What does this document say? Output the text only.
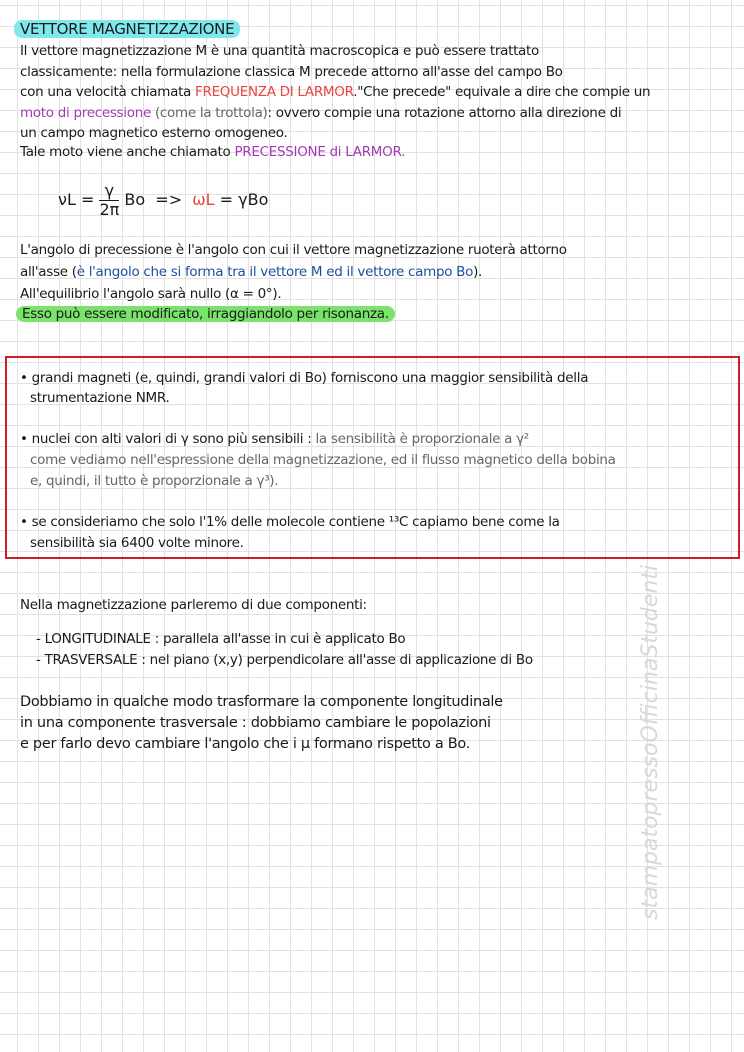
VETTORE MAGNETIZZAZIONE
Il vettore magnetizzazione M è una quantità macroscopica e può essere trattato
classicamente: nella formulazione classica M precede attorno all'asse del campo Bo
con una velocità chiamata FREQUENZA DI LARMOR."Che precede" equivale a dire che compie un
moto di precessione (come la trottola): ovvero compie una rotazione attorno alla direzione di
un campo magnetico esterno omogeneo.
Tale moto viene anche chiamato PRECESSIONE di LARMOR.
$\nu L = \frac{\gamma}{2\pi}$ Bo => ωL = γBo
L'angolo di precessione è l'angolo con cui il vettore magnetizzazione ruoterà attorno
all'asse (è l'angolo che si forma tra il vettore M ed il vettore campo Bo).
All'equilibrio l'angolo sarà nullo (α = 0°).
Esso può essere modificato, irraggiandolo per risonanza.
• grandi magneti (e, quindi, grandi valori di Bo) forniscono una maggior sensibilità della
strumentazione NMR.
• nuclei con alti valori di γ sono più sensibili : la sensibilità è proporzionale a γ²
come vediamo nell'espressione della magnetizzazione, ed il flusso magnetico della bobina
e, quindi, il tutto è proporzionale a γ³).
• se consideriamo che solo l'1% delle molecole contiene ¹³C capiamo bene come la
sensibilità sia 6400 volte minore.
Nella magnetizzazione parleremo di due componenti:
- LONGITUDINALE : parallela all'asse in cui è applicato Bo
- TRASVERSALE : nel piano (x,y) perpendicolare all'asse di applicazione di Bo
Dobbiamo in qualche modo trasformare la componente longitudinale
in una componente trasversale : dobbiamo cambiare le popolazioni
e per farlo devo cambiare l'angolo che i μ formano rispetto a Bo.	stampatopressoOfficinaStudenti
